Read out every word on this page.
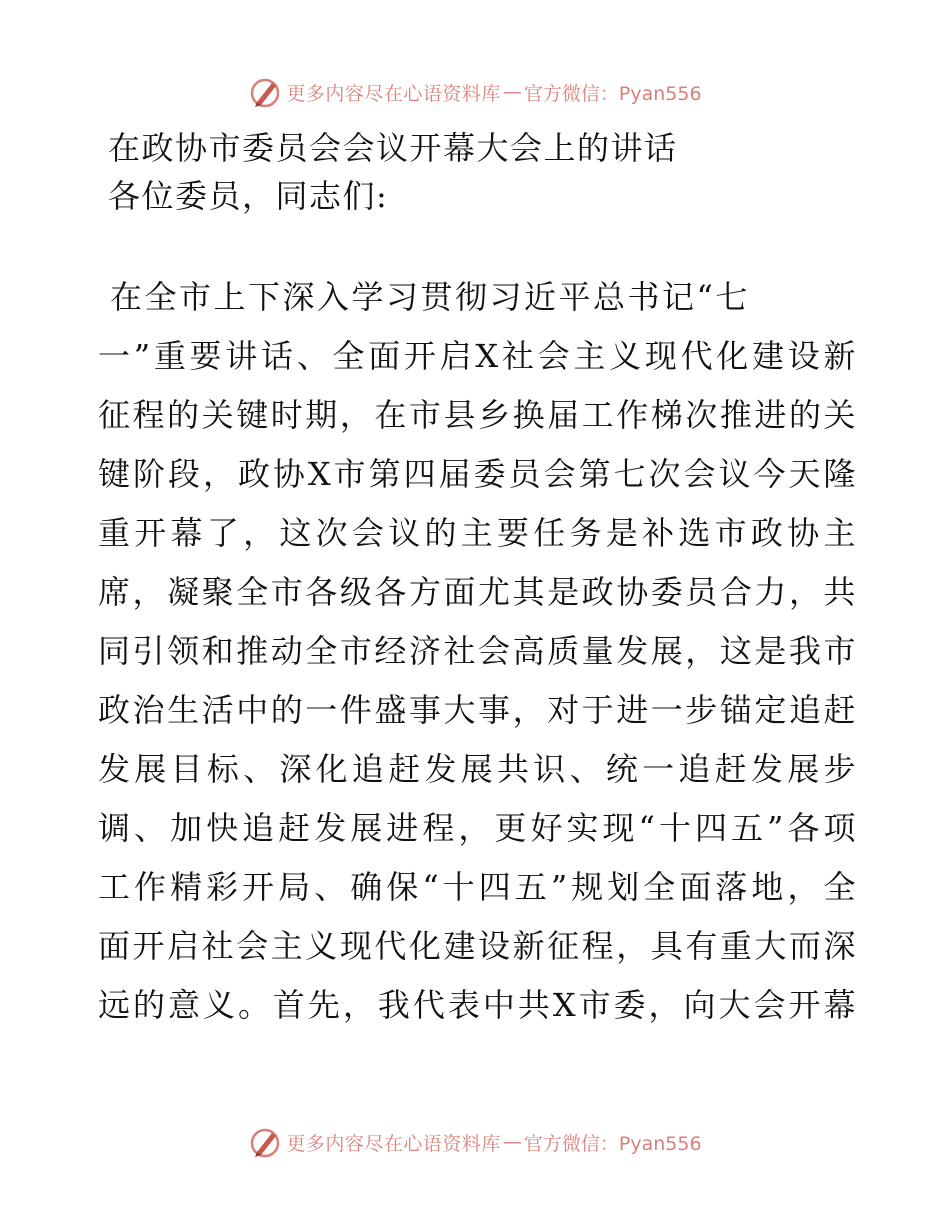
更多内容尽在心语资料库 — 官方微信：Pyan556
在政协市委员会会议开幕大会上的讲话

各位委员，同志们:

在全市上下深入学习贯彻习近平总书记“七
一”重要讲话、全面开启X社会主义现代化建设新
征程的关键时期，在市县乡换届工作梯次推进的关
键阶段，政协X市第四届委员会第七次会议今天隆
重开幕了，这次会议的主要任务是补选市政协主
席，凝聚全市各级各方面尤其是政协委员合力，共
同引领和推动全市经济社会高质量发展，这是我市
政治生活中的一件盛事大事，对于进一步锚定追赶
发展目标、深化追赶发展共识、统一追赶发展步
调、加快追赶发展进程，更好实现“十四五”各项
工作精彩开局、确保“十四五”规划全面落地，全
面开启社会主义现代化建设新征程，具有重大而深
远的意义。首先，我代表中共X市委，向大会开幕
更多内容尽在心语资料库 — 官方微信：Pyan556
